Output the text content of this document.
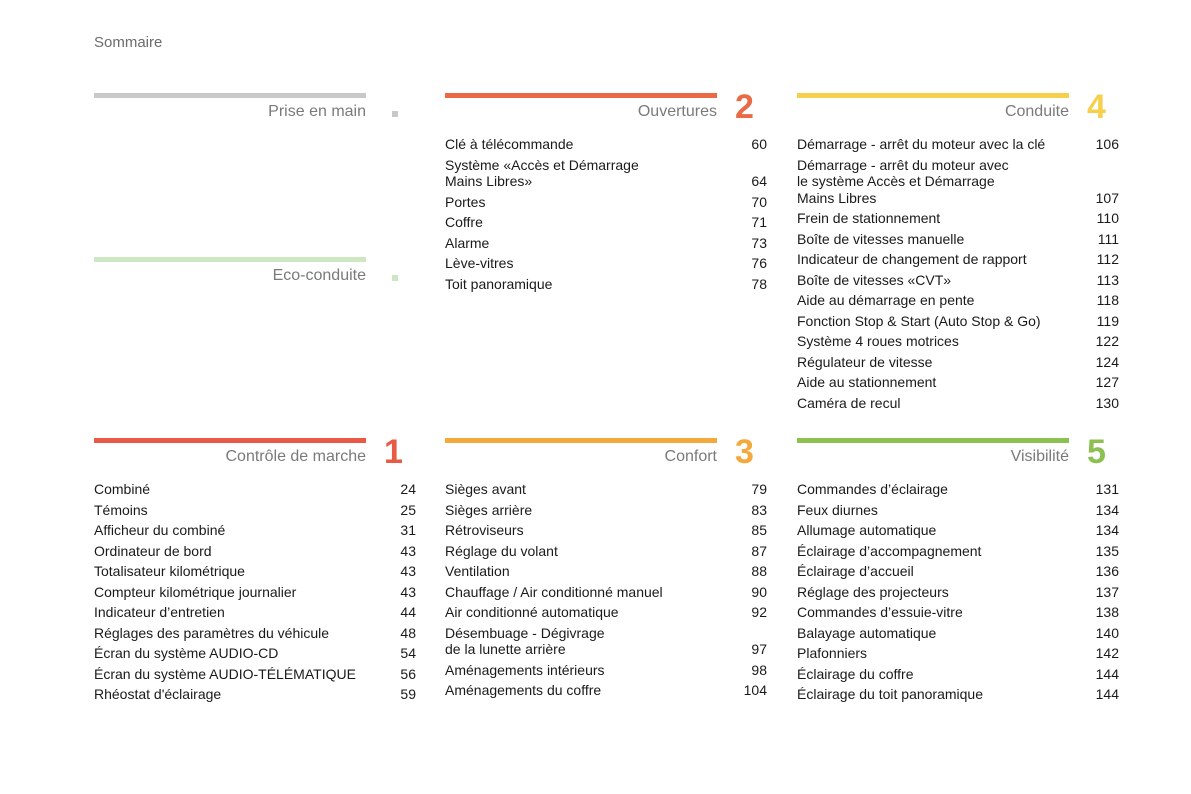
Sommaire
Prise en main
Eco-conduite
Ouvertures 2
Clé à télécommande	60
Système «Accès et Démarrage
Mains Libres»	64
Portes	70
Coffre	71
Alarme	73
Lève-vitres	76
Toit panoramique	78
Conduite 4
Démarrage - arrêt du moteur avec la clé	106
Démarrage - arrêt du moteur avec
le système Accès et Démarrage
Mains Libres	107
Frein de stationnement	110
Boîte de vitesses manuelle	111
Indicateur de changement de rapport	112
Boîte de vitesses «CVT»	113
Aide au démarrage en pente	118
Fonction Stop & Start (Auto Stop & Go)	119
Système 4 roues motrices	122
Régulateur de vitesse	124
Aide au stationnement	127
Caméra de recul	130
Contrôle de marche 1
Combiné	24
Témoins	25
Afficheur du combiné	31
Ordinateur de bord	43
Totalisateur kilométrique	43
Compteur kilométrique journalier	43
Indicateur d’entretien	44
Réglages des paramètres du véhicule	48
Écran du système AUDIO-CD	54
Écran du système AUDIO-TÉLÉMATIQUE	56
Rhéostat d'éclairage	59
Confort 3
Sièges avant	79
Sièges arrière	83
Rétroviseurs	85
Réglage du volant	87
Ventilation	88
Chauffage / Air conditionné manuel	90
Air conditionné automatique	92
Désembuage - Dégivrage
de la lunette arrière	97
Aménagements intérieurs	98
Aménagements du coffre	104
Visibilité 5
Commandes d’éclairage	131
Feux diurnes	134
Allumage automatique	134
Éclairage d’accompagnement	135
Éclairage d’accueil	136
Réglage des projecteurs	137
Commandes d’essuie-vitre	138
Balayage automatique	140
Plafonniers	142
Éclairage du coffre	144
Éclairage du toit panoramique	144
